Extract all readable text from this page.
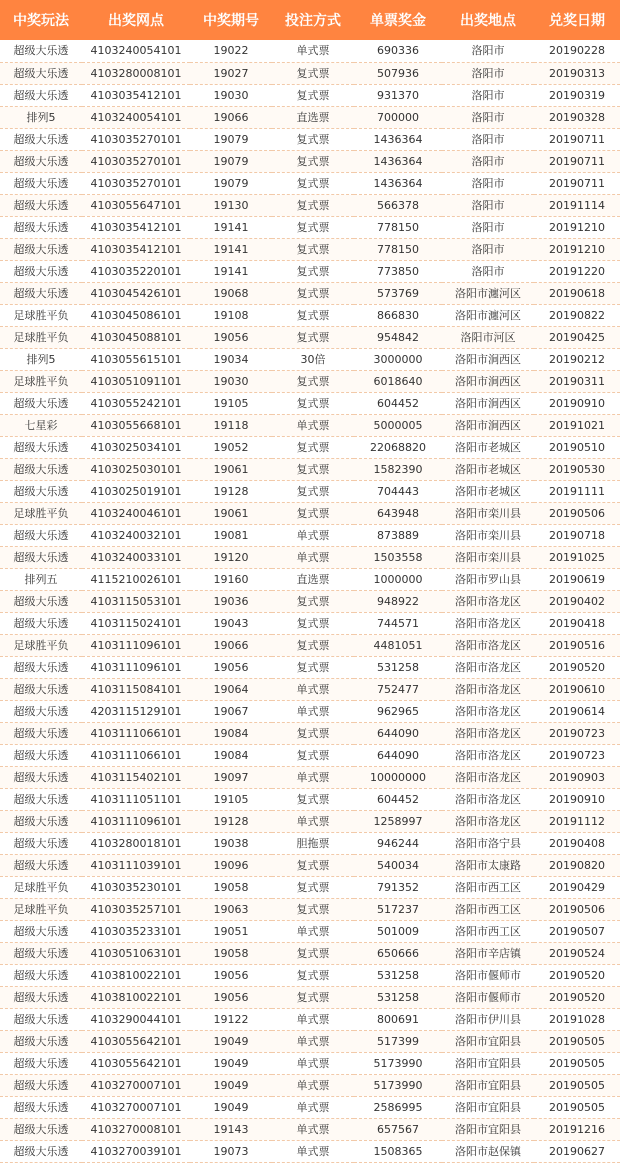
中奖玩法	出奖网点	中奖期号	投注方式	单票奖金	出奖地点	兑奖日期
超级大乐透	4103240054101	19022	单式票	690336	洛阳市	20190228
超级大乐透	4103280008101	19027	复式票	507936	洛阳市	20190313
超级大乐透	4103035412101	19030	复式票	931370	洛阳市	20190319
排列5	4103240054101	19066	直选票	700000	洛阳市	20190328
超级大乐透	4103035270101	19079	复式票	1436364	洛阳市	20190711
超级大乐透	4103035270101	19079	复式票	1436364	洛阳市	20190711
超级大乐透	4103035270101	19079	复式票	1436364	洛阳市	20190711
超级大乐透	4103055647101	19130	复式票	566378	洛阳市	20191114
超级大乐透	4103035412101	19141	复式票	778150	洛阳市	20191210
超级大乐透	4103035412101	19141	复式票	778150	洛阳市	20191210
超级大乐透	4103035220101	19141	复式票	773850	洛阳市	20191220
超级大乐透	4103045426101	19068	复式票	573769	洛阳市瀍河区	20190618
足球胜平负	4103045086101	19108	复式票	866830	洛阳市瀍河区	20190822
足球胜平负	4103045088101	19056	复式票	954842	洛阳市河区	20190425
排列5	4103055615101	19034	30倍	3000000	洛阳市涧西区	20190212
足球胜平负	4103051091101	19030	复式票	6018640	洛阳市涧西区	20190311
超级大乐透	4103055242101	19105	复式票	604452	洛阳市涧西区	20190910
七星彩	4103055668101	19118	单式票	5000005	洛阳市涧西区	20191021
超级大乐透	4103025034101	19052	复式票	22068820	洛阳市老城区	20190510
超级大乐透	4103025030101	19061	复式票	1582390	洛阳市老城区	20190530
超级大乐透	4103025019101	19128	复式票	704443	洛阳市老城区	20191111
足球胜平负	4103240046101	19061	复式票	643948	洛阳市栾川县	20190506
超级大乐透	4103240032101	19081	单式票	873889	洛阳市栾川县	20190718
超级大乐透	4103240033101	19120	单式票	1503558	洛阳市栾川县	20191025
排列五	4115210026101	19160	直选票	1000000	洛阳市罗山县	20190619
超级大乐透	4103115053101	19036	复式票	948922	洛阳市洛龙区	20190402
超级大乐透	4103115024101	19043	复式票	744571	洛阳市洛龙区	20190418
足球胜平负	4103111096101	19066	复式票	4481051	洛阳市洛龙区	20190516
超级大乐透	4103111096101	19056	复式票	531258	洛阳市洛龙区	20190520
超级大乐透	4103115084101	19064	单式票	752477	洛阳市洛龙区	20190610
超级大乐透	4203115129101	19067	单式票	962965	洛阳市洛龙区	20190614
超级大乐透	4103111066101	19084	复式票	644090	洛阳市洛龙区	20190723
超级大乐透	4103111066101	19084	复式票	644090	洛阳市洛龙区	20190723
超级大乐透	4103115402101	19097	单式票	10000000	洛阳市洛龙区	20190903
超级大乐透	4103111051101	19105	复式票	604452	洛阳市洛龙区	20190910
超级大乐透	4103111096101	19128	单式票	1258997	洛阳市洛龙区	20191112
超级大乐透	4103280018101	19038	胆拖票	946244	洛阳市洛宁县	20190408
超级大乐透	4103111039101	19096	复式票	540034	洛阳市太康路	20190820
足球胜平负	4103035230101	19058	复式票	791352	洛阳市西工区	20190429
足球胜平负	4103035257101	19063	复式票	517237	洛阳市西工区	20190506
超级大乐透	4103035233101	19051	单式票	501009	洛阳市西工区	20190507
超级大乐透	4103051063101	19058	复式票	650666	洛阳市辛店镇	20190524
超级大乐透	4103810022101	19056	复式票	531258	洛阳市偃师市	20190520
超级大乐透	4103810022101	19056	复式票	531258	洛阳市偃师市	20190520
超级大乐透	4103290044101	19122	单式票	800691	洛阳市伊川县	20191028
超级大乐透	4103055642101	19049	单式票	517399	洛阳市宜阳县	20190505
超级大乐透	4103055642101	19049	单式票	5173990	洛阳市宜阳县	20190505
超级大乐透	4103270007101	19049	单式票	5173990	洛阳市宜阳县	20190505
超级大乐透	4103270007101	19049	单式票	2586995	洛阳市宜阳县	20190505
超级大乐透	4103270008101	19143	单式票	657567	洛阳市宜阳县	20191216
超级大乐透	4103270039101	19073	单式票	1508365	洛阳市赵保镇	20190627
